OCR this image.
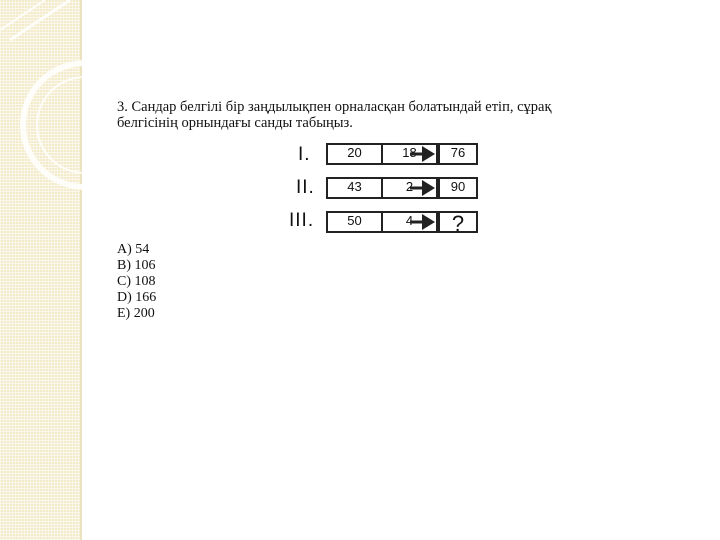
3. Сандар белгілі бір заңдылықпен орналасқан болатындай етіп, сұрақ
белгісінің орнындағы санды табыңыз.
I.	20	18	76
II.	43	2	90
III.	50	4	?
A) 54
B) 106
C) 108
D) 166
E) 200
